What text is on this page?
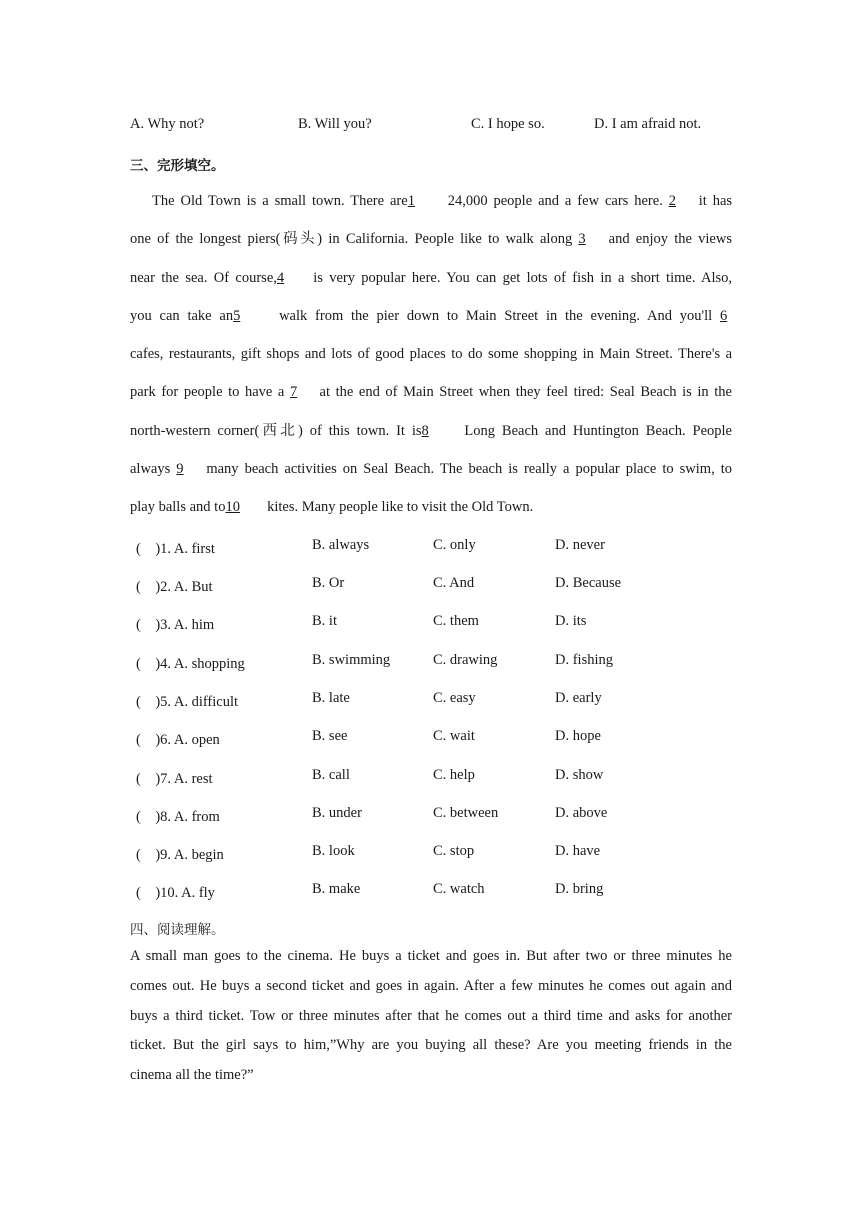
A. Why not?	B. Will you?	C. I hope so.	D. I am afraid not.
三、完形填空。
The Old Town is a small town. There are1 24,000 people and a few cars here. 2 it has
one of the longest piers(码头) in California. People like to walk along 3 and enjoy the views
near the sea. Of course,4 is very popular here. You can get lots of fish in a short time. Also,
you can take an5	walk from the pier down to Main Street in the evening. And you'll 6
cafes, restaurants, gift shops and lots of good places to do some shopping in Main Street. There's a
park for people to have a 7 at the end of Main Street when they feel tired: Seal Beach is in the
north-western corner(西北) of this town. It is8 Long Beach and Huntington Beach. People
always 9 many beach activities on Seal Beach. The beach is really a popular place to swim, to
play balls and to10 kites. Many people like to visit the Old Town.
(　)1. A. first	B. always	C. only	D. never
(　)2. A. But	B. Or	C. And	D. Because
(　)3. A. him	B. it	C. them	D. its
(　)4. A. shopping	B. swimming	C. drawing	D. fishing
(　)5. A. difficult	B. late	C. easy	D. early
(　)6. A. open	B. see	C. wait	D. hope
(　)7. A. rest	B. call	C. help	D. show
(　)8. A. from	B. under	C. between	D. above
(　)9. A. begin	B. look	C. stop	D. have
(　)10. A. fly	B. make	C. watch	D. bring
四、阅读理解。
A small man goes to the cinema. He buys a ticket and goes in. But after two or three minutes he
comes out. He buys a second ticket and goes in again. After a few minutes he comes out again and
buys a third ticket. Tow or three minutes after that he comes out a third time and asks for another
ticket. But the girl says to him,”Why are you buying all these? Are you meeting friends in the
cinema all the time?”
